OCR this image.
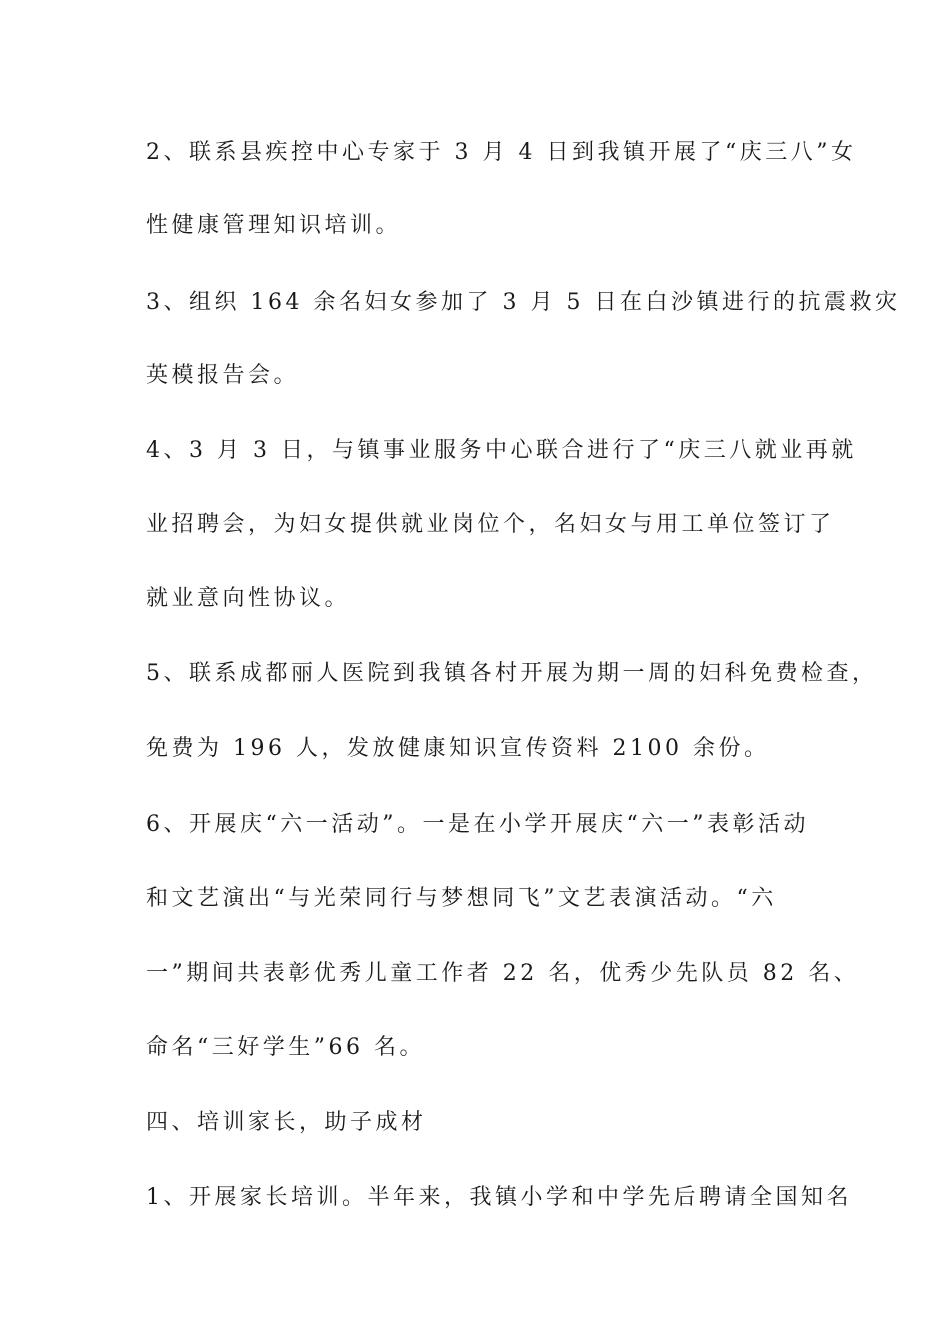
2、联系县疾控中心专家于 3 月 4 日到我镇开展了“庆三八”女
性健康管理知识培训。
3、组织 164 余名妇女参加了 3 月 5 日在白沙镇进行的抗震救灾
英模报告会。
4、3 月 3 日，与镇事业服务中心联合进行了“庆三八就业再就
业招聘会，为妇女提供就业岗位个，名妇女与用工单位签订了
就业意向性协议。
5、联系成都丽人医院到我镇各村开展为期一周的妇科免费检查，
免费为 196 人，发放健康知识宣传资料 2100 余份。
6、开展庆“六一活动”。一是在小学开展庆“六一”表彰活动
和文艺演出“与光荣同行与梦想同飞”文艺表演活动。“六
一”期间共表彰优秀儿童工作者 22 名，优秀少先队员 82 名、
命名“三好学生”66 名。
四、培训家长，助子成材
1、开展家长培训。半年来，我镇小学和中学先后聘请全国知名
